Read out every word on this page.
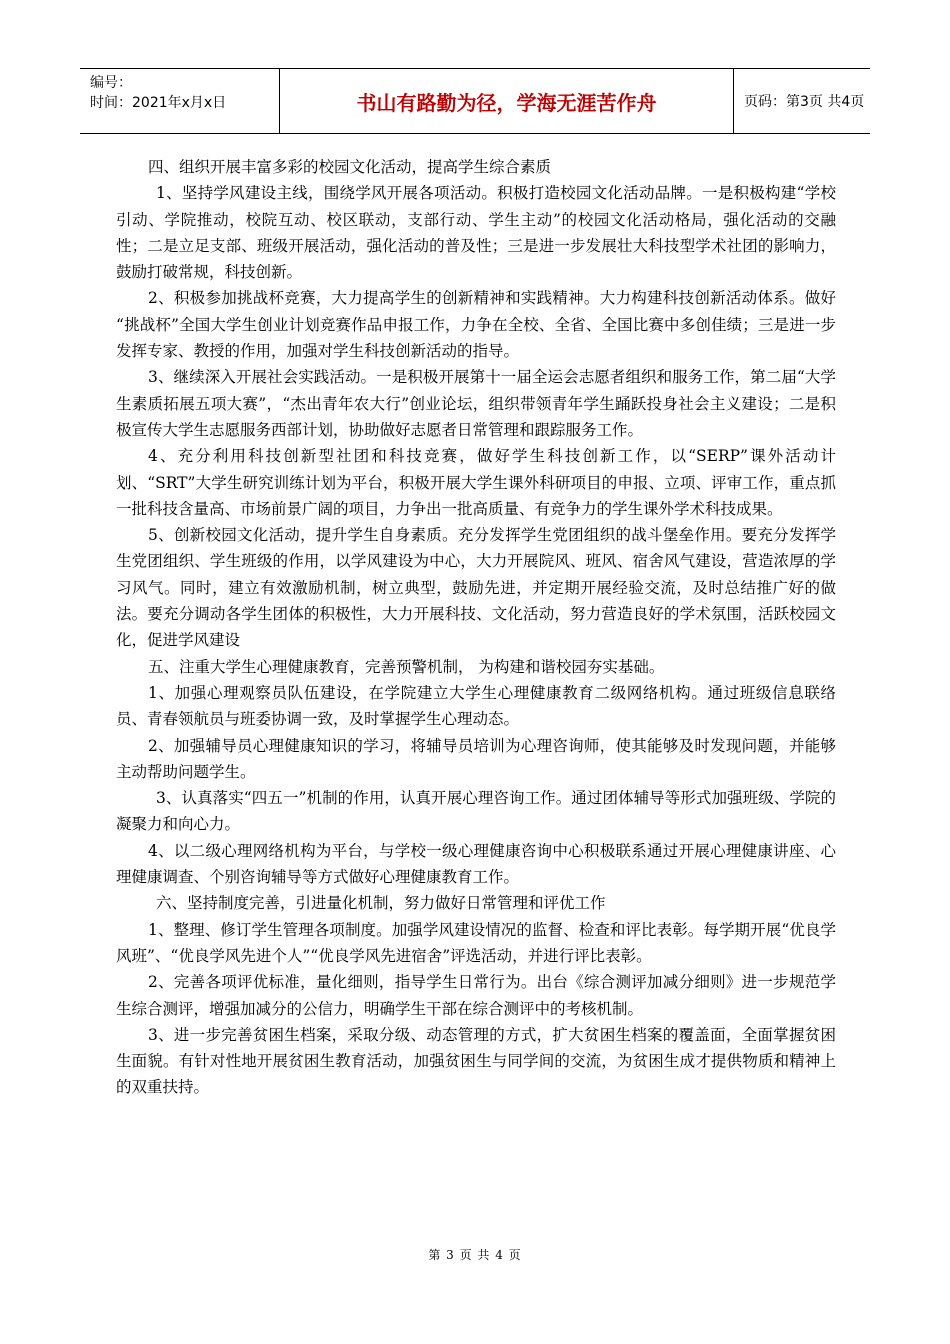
编号：
时间：2021年x月x日	书山有路勤为径，学海无涯苦作舟	页码：第3页 共4页

四、组织开展丰富多彩的校园文化活动，提高学生综合素质

1、坚持学风建设主线，围绕学风开展各项活动。积极打造校园文化活动品牌。一是积极构建“学校引动、学院推动，校院互动、校区联动，支部行动、学生主动”的校园文化活动格局，强化活动的交融性；二是立足支部、班级开展活动，强化活动的普及性；三是进一步发展壮大科技型学术社团的影响力，鼓励打破常规，科技创新。

2、积极参加挑战杯竞赛，大力提高学生的创新精神和实践精神。大力构建科技创新活动体系。做好 “挑战杯”全国大学生创业计划竞赛作品申报工作，力争在全校、全省、全国比赛中多创佳绩；三是进一步发挥专家、教授的作用，加强对学生科技创新活动的指导。

3、继续深入开展社会实践活动。一是积极开展第十一届全运会志愿者组织和服务工作，第二届“大学生素质拓展五项大赛”，“杰出青年农大行”创业论坛，组织带领青年学生踊跃投身社会主义建设；二是积极宣传大学生志愿服务西部计划，协助做好志愿者日常管理和跟踪服务工作。

4、充分利用科技创新型社团和科技竞赛，做好学生科技创新工作，以“SERP”课外活动计划、“SRT”大学生研究训练计划为平台，积极开展大学生课外科研项目的申报、立项、评审工作，重点抓一批科技含量高、市场前景广阔的项目，力争出一批高质量、有竞争力的学生课外学术科技成果。

5、创新校园文化活动，提升学生自身素质。充分发挥学生党团组织的战斗堡垒作用。要充分发挥学生党团组织、学生班级的作用，以学风建设为中心，大力开展院风、班风、宿舍风气建设，营造浓厚的学习风气。同时，建立有效激励机制，树立典型，鼓励先进，并定期开展经验交流，及时总结推广好的做法。要充分调动各学生团体的积极性，大力开展科技、文化活动，努力营造良好的学术氛围，活跃校园文化，促进学风建设

五、注重大学生心理健康教育，完善预警机制， 为构建和谐校园夯实基础。

1、加强心理观察员队伍建设，在学院建立大学生心理健康教育二级网络机构。通过班级信息联络员、青春领航员与班委协调一致，及时掌握学生心理动态。

2、加强辅导员心理健康知识的学习，将辅导员培训为心理咨询师，使其能够及时发现问题，并能够主动帮助问题学生。

3、认真落实“四五一”机制的作用，认真开展心理咨询工作。通过团体辅导等形式加强班级、学院的凝聚力和向心力。

4、以二级心理网络机构为平台，与学校一级心理健康咨询中心积极联系通过开展心理健康讲座、心理健康调查、个别咨询辅导等方式做好心理健康教育工作。

六、坚持制度完善，引进量化机制，努力做好日常管理和评优工作

1、整理、修订学生管理各项制度。加强学风建设情况的监督、检查和评比表彰。每学期开展“优良学风班”、“优良学风先进个人”“优良学风先进宿舍”评选活动，并进行评比表彰。

2、完善各项评优标准，量化细则，指导学生日常行为。出台《综合测评加减分细则》进一步规范学生综合测评，增强加减分的公信力，明确学生干部在综合测评中的考核机制。

3、进一步完善贫困生档案，采取分级、动态管理的方式，扩大贫困生档案的覆盖面，全面掌握贫困生面貌。有针对性地开展贫困生教育活动，加强贫困生与同学间的交流，为贫困生成才提供物质和精神上的双重扶持。

第 3 页 共 4 页
